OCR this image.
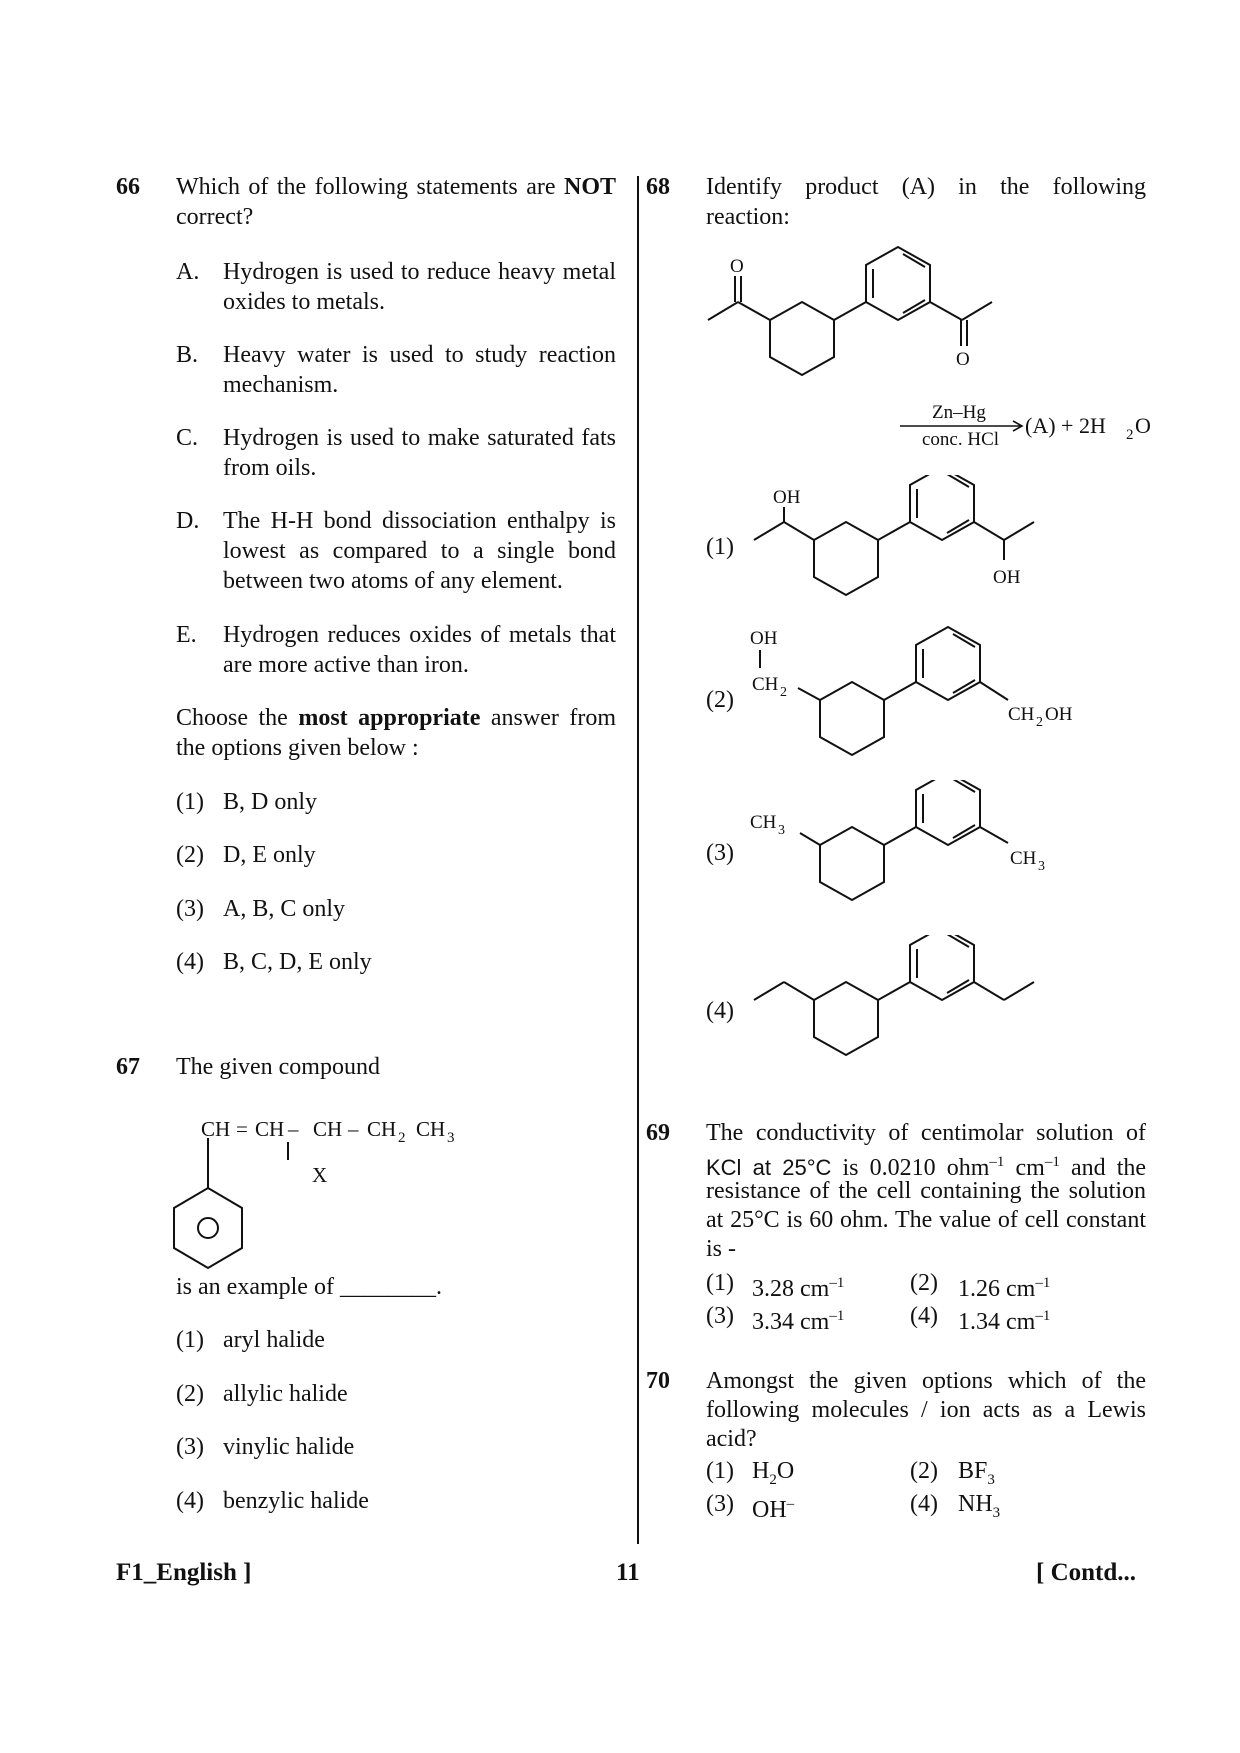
66 Which of the following statements are NOT
correct?
A. Hydrogen is used to reduce heavy metal
oxides to metals.
B. Heavy water is used to study reaction
mechanism.
C. Hydrogen is used to make saturated fats
from oils.
D. The H-H bond dissociation enthalpy is
lowest as compared to a single bond
between two atoms of any element.
E. Hydrogen reduces oxides of metals that
are more active than iron.
Choose the most appropriate answer from
the options given below :
(1) B, D only
(2) D, E only
(3) A, B, C only
(4) B, C, D, E only
67 The given compound
CH = CH – CH – CH 2 CH 3
X
is an example of ________.
(1) aryl halide
(2) allylic halide
(3) vinylic halide
(4) benzylic halide
68 Identify product (A) in the following
reaction:
O
O
Zn–Hg
conc. HCl
(A) + 2H 2 O
(1)
OH
OH
(2)
OH
CH 2
CH 2 OH
(3)
CH 3
CH 3
(4)
69 The conductivity of centimolar solution of
KCl at 25°C is 0.0210 ohm$^{-1}$ $cm^{-1}$ and the
resistance of the cell containing the solution
at 25°C is 60 ohm. The value of cell constant
is -
(1) 3.28 $cm^{-1}$	(2) 1.26 $cm^{-1}$
(3) 3.34 $cm^{-1}$	(4) 1.34 $cm^{-1}$
70 Amongst the given options which of the
following molecules / ion acts as a Lewis
acid?
(1) $H_2O$	(2) $BF_3$
(3) OH–	(4) $NH_3$
F1_English ]	11	[ Contd...
